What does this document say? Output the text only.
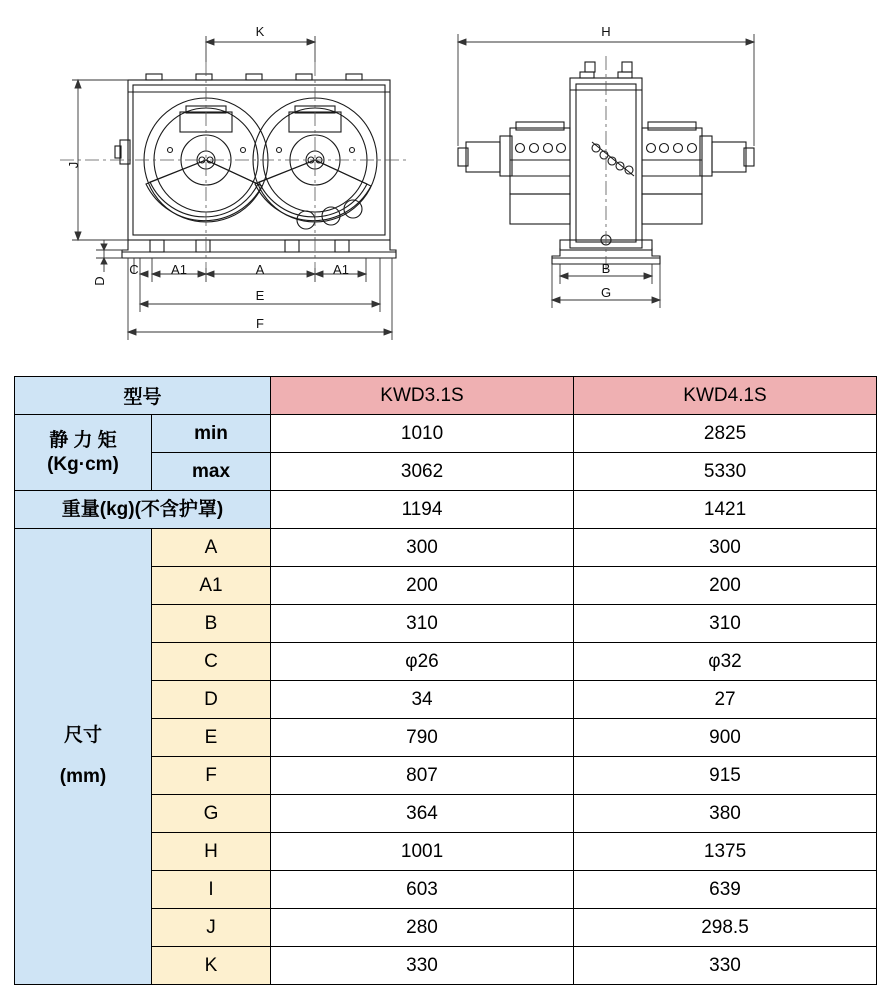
K
A1	A	A1
C
E
F
H
B
G
J
D
型号		KWD3.1S	KWD4.1S

静 力 矩
(Kg·cm)	min	1010	2825
	max	3062	5330
重量(kg)(不含护罩)		1194	1421

尺寸
(mm)	A	300	300
	A1	200	200
	B	310	310
	C	φ26	φ32
	D	34	27
	E	790	900
	F	807	915
	G	364	380
	H	1001	1375
	I	603	639
	J	280	298.5
	K	330	330
